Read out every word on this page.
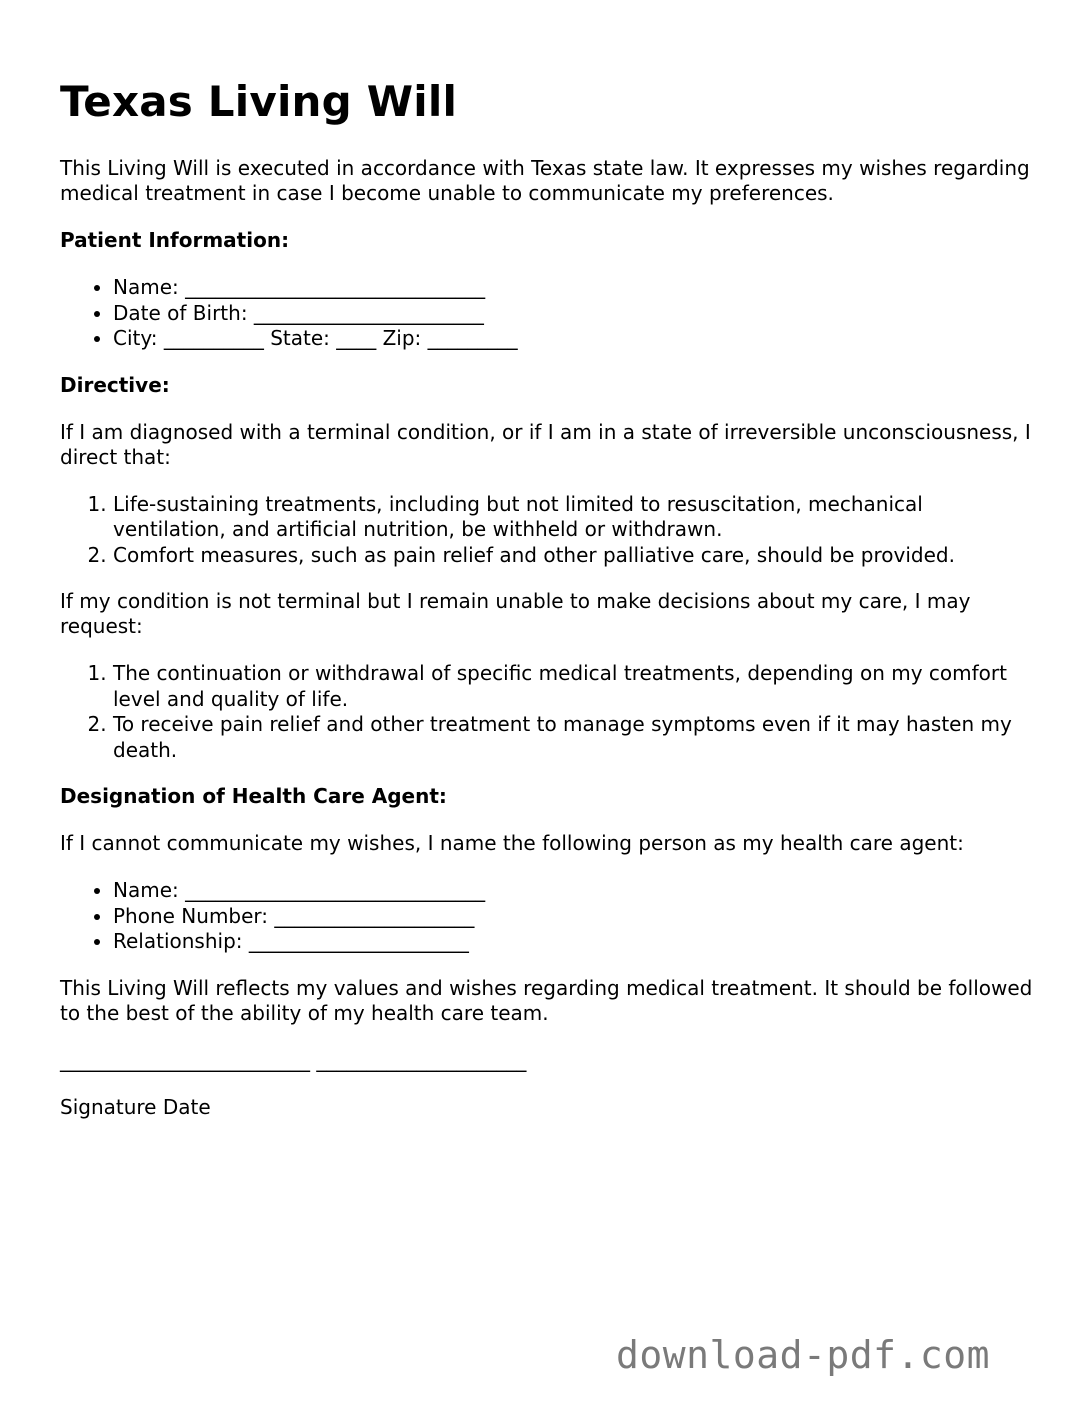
Texas Living Will

This Living Will is executed in accordance with Texas state law. It expresses my wishes regarding medical treatment in case I become unable to communicate my preferences.

Patient Information:

• Name: ______________________________
• Date of Birth: _______________________
• City: __________ State: ____ Zip: _________

Directive:

If I am diagnosed with a terminal condition, or if I am in a state of irreversible unconsciousness, I direct that:

1. Life-sustaining treatments, including but not limited to resuscitation, mechanical ventilation, and artificial nutrition, be withheld or withdrawn.
2. Comfort measures, such as pain relief and other palliative care, should be provided.

If my condition is not terminal but I remain unable to make decisions about my care, I may request:

1. The continuation or withdrawal of specific medical treatments, depending on my comfort level and quality of life.
2. To receive pain relief and other treatment to manage symptoms even if it may hasten my death.

Designation of Health Care Agent:

If I cannot communicate my wishes, I name the following person as my health care agent:

• Name: ______________________________
• Phone Number: ____________________
• Relationship: ______________________

This Living Will reflects my values and wishes regarding medical treatment. It should be followed to the best of the ability of my health care team.

_________________________ _____________________

Signature Date

download-pdf.com
